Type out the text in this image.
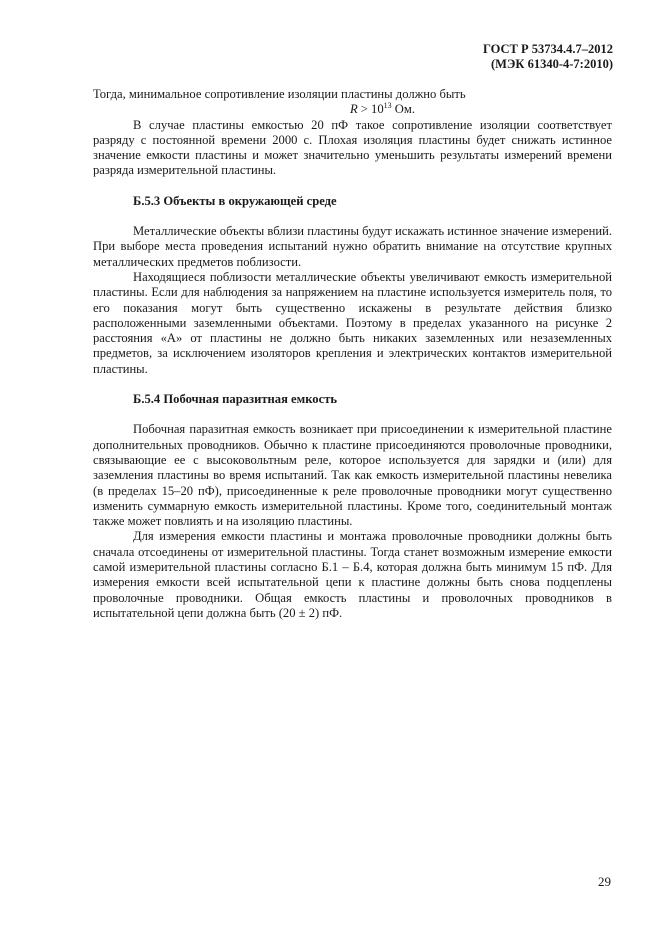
ГОСТ Р 53734.4.7–2012
(МЭК 61340-4-7:2010)

Тогда, минимальное сопротивление изоляции пластины должно быть

$R > 10^{13}$ Ом.

В случае пластины емкостью 20 пФ такое сопротивление изоляции соответствует разряду с постоянной времени 2000 с. Плохая изоляция пластины будет снижать истинное значение емкости пластины и может значительно уменьшить результаты измерений времени разряда измерительной пластины.

Б.5.3 Объекты в окружающей среде

Металлические объекты вблизи пластины будут искажать истинное значение измерений. При выборе места проведения испытаний нужно обратить внимание на отсутствие крупных металлических предметов поблизости.

Находящиеся поблизости металлические объекты увеличивают емкость измерительной пластины. Если для наблюдения за напряжением на пластине используется измеритель поля, то его показания могут быть существенно искажены в результате действия близко расположенными заземленными объектами. Поэтому в пределах указанного на рисунке 2 расстояния «А» от пластины не должно быть никаких заземленных или незаземленных предметов, за исключением изоляторов крепления и электрических контактов измерительной пластины.

Б.5.4 Побочная паразитная емкость

Побочная паразитная емкость возникает при присоединении к измерительной пластине дополнительных проводников. Обычно к пластине присоединяются проволочные проводники, связывающие ее с высоковольтным реле, которое используется для зарядки и (или) для заземления пластины во время испытаний. Так как емкость измерительной пластины невелика (в пределах 15–20 пФ), присоединенные к реле проволочные проводники могут существенно изменить суммарную емкость измерительной пластины. Кроме того, соединительный монтаж также может повлиять и на изоляцию пластины.

Для измерения емкости пластины и монтажа проволочные проводники должны быть сначала отсоединены от измерительной пластины. Тогда станет возможным измерение емкости самой измерительной пластины согласно Б.1 – Б.4, которая должна быть минимум 15 пФ. Для измерения емкости всей испытательной цепи к пластине должны быть снова подцеплены проволочные проводники. Общая емкость пластины и проволочных проводников в испытательной цепи должна быть (20 ± 2) пФ.

29
